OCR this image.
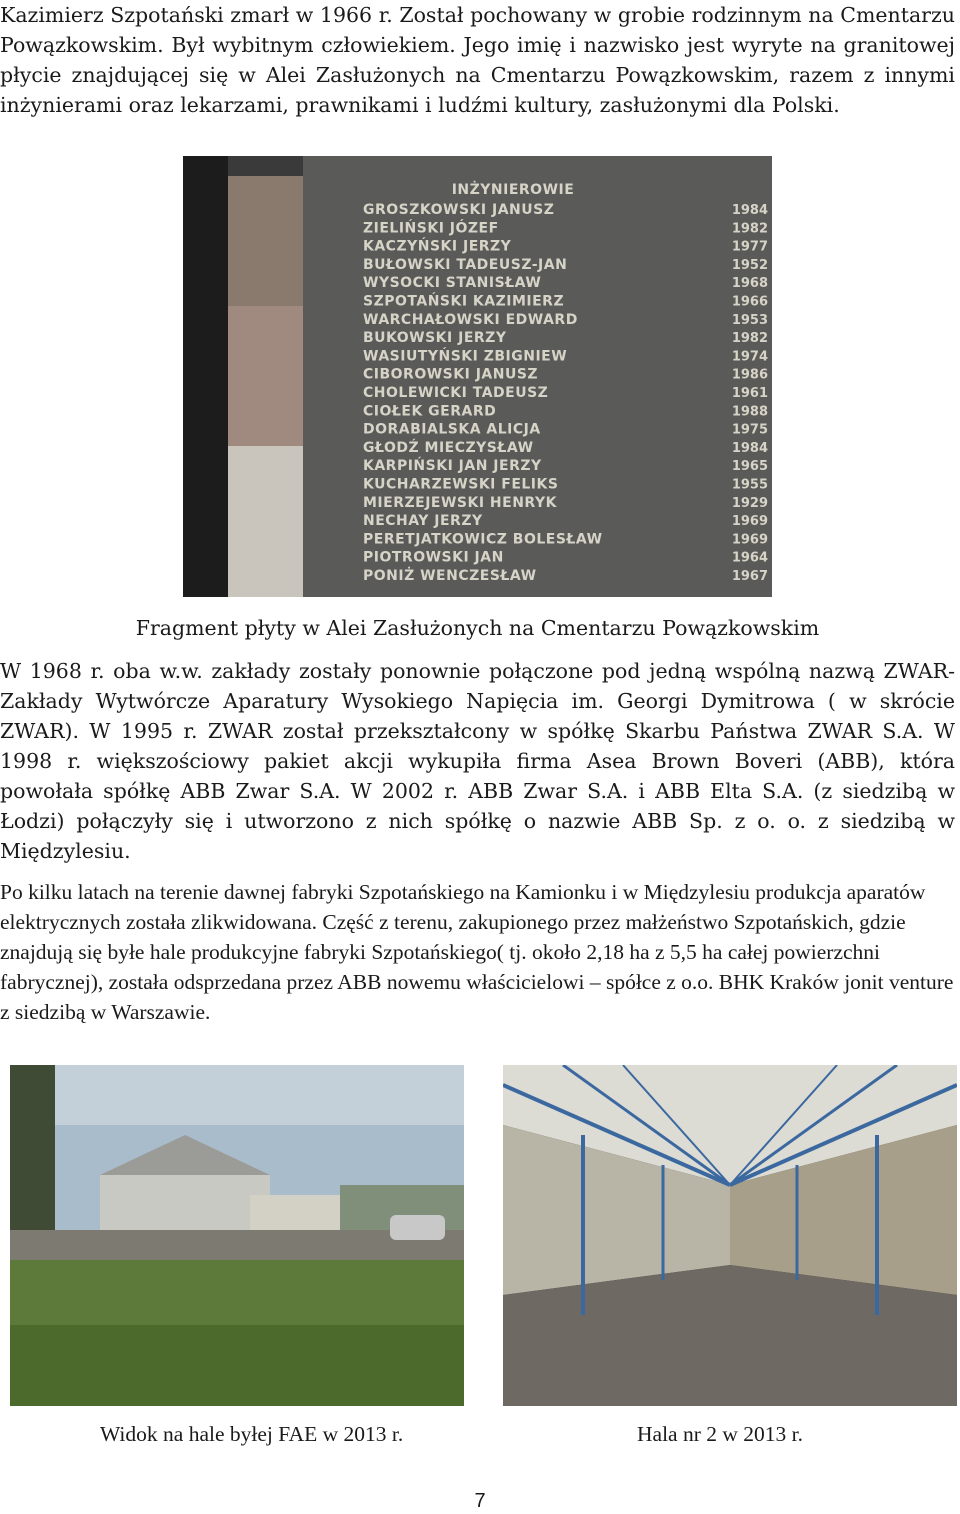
Kazimierz Szpotański zmarł w 1966 r. Został pochowany w grobie rodzinnym na Cmentarzu Powązkowskim. Był wybitnym człowiekiem. Jego imię i nazwisko jest wyryte na granitowej płycie znajdującej się w Alei Zasłużonych na Cmentarzu Powązkowskim, razem z innymi inżynierami oraz lekarzami, prawnikami i ludźmi kultury, zasłużonymi dla Polski.

INŻYNIEROWIE
GROSZKOWSKI JANUSZ
ZIELIŃSKI JÓZEF
KACZYŃSKI JERZY
BUŁOWSKI TADEUSZ-JAN
WYSOCKI STANISŁAW
SZPOTAŃSKI KAZIMIERZ
WARCHAŁOWSKI EDWARD
BUKOWSKI JERZY
WASIUTYŃSKI ZBIGNIEW
CIBOROWSKI JANUSZ
CHOLEWICKI TADEUSZ
CIOŁEK GERARD
DORABIALSKA ALICJA
GŁODŹ MIECZYSŁAW
KARPIŃSKI JAN JERZY
KUCHARZEWSKI FELIKS
MIERZEJEWSKI HENRYK
NECHAY JERZY
PERETJATKOWICZ BOLESŁAW
PIOTROWSKI JAN
PONIŻ WENCZESŁAW
1984
1982
1977
1952
1968
1966
1953
1982
1974
1986
1961
1988
1975
1984
1965
1955
1929
1969
1969
1964
1967

Fragment płyty w Alei Zasłużonych na Cmentarzu Powązkowskim

W 1968 r. oba w.w. zakłady zostały ponownie połączone pod jedną wspólną nazwą ZWAR- Zakłady Wytwórcze Aparatury Wysokiego Napięcia im. Georgi Dymitrowa ( w skrócie ZWAR). W 1995 r. ZWAR został przekształcony w spółkę Skarbu Państwa ZWAR S.A. W 1998 r. większościowy pakiet akcji wykupiła firma Asea Brown Boveri (ABB), która powołała spółkę ABB Zwar S.A. W 2002 r. ABB Zwar S.A. i ABB Elta S.A. (z siedzibą w Łodzi) połączyły się i utworzono z nich spółkę o nazwie ABB Sp. z o. o. z siedzibą w Międzylesiu.

Po kilku latach na terenie dawnej fabryki Szpotańskiego na Kamionku i w Międzylesiu produkcja aparatów elektrycznych została zlikwidowana. Część z terenu, zakupionego przez małżeństwo Szpotańskich, gdzie znajdują się byłe hale produkcyjne fabryki Szpotańskiego( tj. około 2,18 ha z 5,5 ha całej powierzchni fabrycznej), została odsprzedana przez ABB nowemu właścicielowi – spółce z o.o. BHK Kraków jonit venture z siedzibą w Warszawie.

Widok na hale byłej FAE w 2013 r.	Hala nr 2 w 2013 r.

7
